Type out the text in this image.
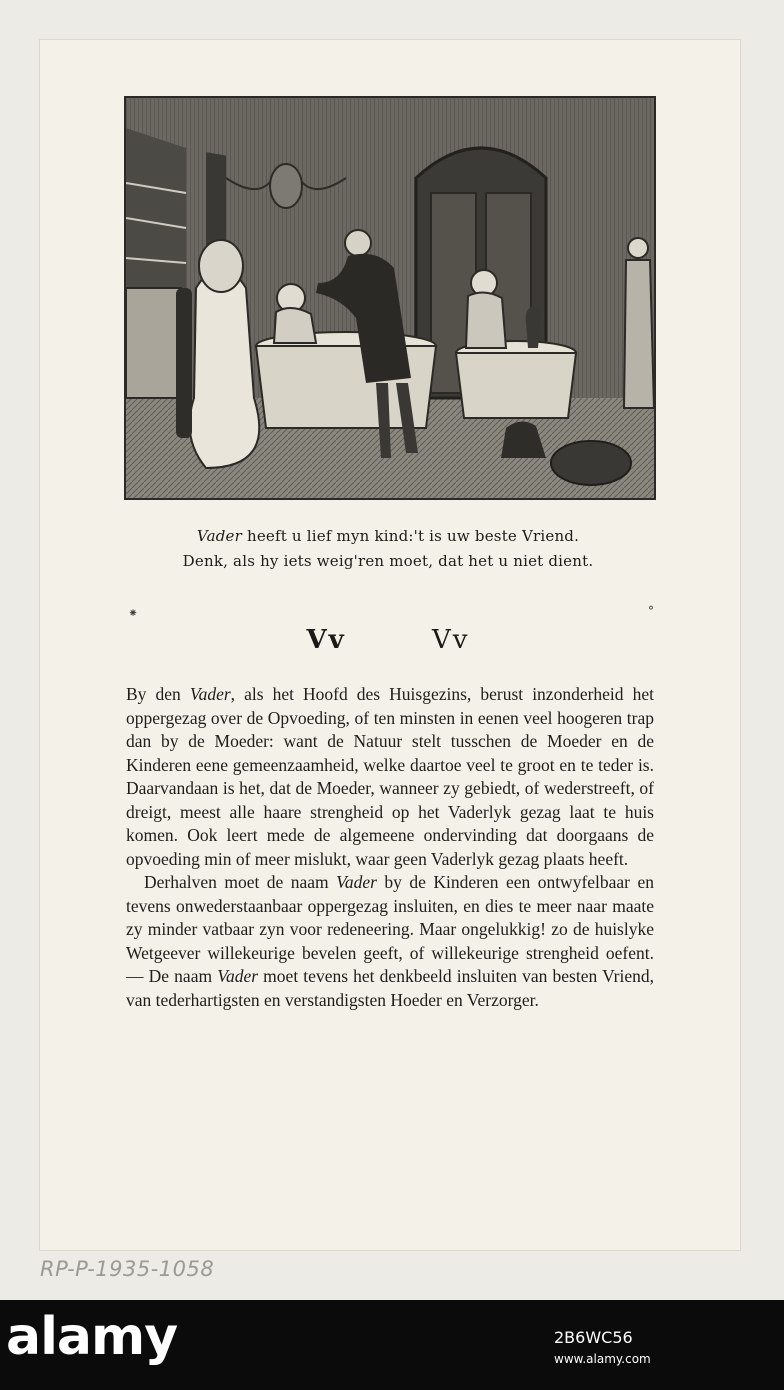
Vader heeft u lief myn kind:'t is uw beste Vriend.
Denk, als hy iets weig'ren moet, dat het u niet dient.
⁕	°
Vv	Vv

By den Vader, als het Hoofd des Huisgezins, berust inzonderheid het oppergezag over de Opvoeding, of ten minsten in eenen veel hoogeren trap dan by de Moeder: want de Natuur stelt tusschen de Moeder en de Kinderen eene gemeenzaamheid, welke daartoe veel te groot en te teder is. Daarvandaan is het, dat de Moeder, wanneer zy gebiedt, of wederstreeft, of dreigt, meest alle haare strengheid op het Vaderlyk gezag laat te huis komen. Ook leert mede de algemeene ondervinding dat doorgaans de opvoeding min of meer mislukt, waar geen Vaderlyk gezag plaats heeft.

Derhalven moet de naam Vader by de Kinderen een ontwyfelbaar en tevens onwederstaanbaar oppergezag insluiten, en dies te meer naar maate zy minder vatbaar zyn voor redeneering. Maar ongelukkig! zo de huislyke Wetgeever willekeurige bevelen geeft, of willekeurige strengheid oefent. — De naam Vader moet tevens het denkbeeld insluiten van besten Vriend, van tederhartigsten en verstandigsten Hoeder en Verzorger.

RP-P-1935-1058
alamy	2B6WC56
www.alamy.com
